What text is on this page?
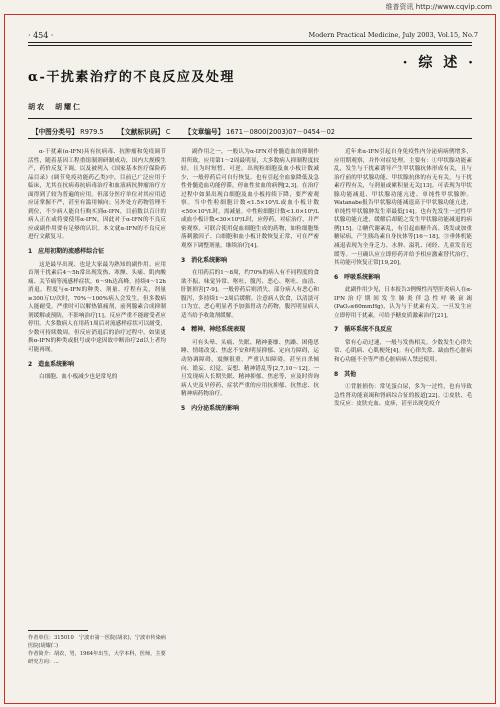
维普资讯 http://www.cqvip.com
· 454 ·	Modern Practical Medicine, July 2003, Vol.15, No.7
· 综 述 ·
α-干扰素治疗的不良反应及处理
胡农　胡耀仁
【中图分类号】 R979.5 【文献标识码】 C 【文章编号】 1671－0800(2003)07－0454－02

α-干扰素(α-IFN)具有抗病毒、抗肿瘤和免疫调节活性，随着基因工程重组制剂研制成功，国内大规模生产，药价反复下调，以及被列入《国家基本医疗保险药品目录》(调节免疫功能药乙类)中，目前已广泛应用于临床，尤其在抗病毒抗病毒治疗和血液病抗肿瘤治疗方面得到了较为普遍的应用。但部分医疗单位对其应用适应证掌握不严，甚至有滥用倾向；另外处方药物管理不到位，不少病人能自行购买到α-IFN，目前数以百计的病人正在或将要使用α-IFN，因此对于α-IFN的不良反应或副作用要有足够的认识。本文就α-IFN的不良反应进行文献复习。

1　应用初期的流感样综合征

这是最早出现、也是大家最为熟知的副作用。应用首剂干扰素后4～5h常出现发热、寒颤、头痛、肌肉酸痛、关节痛等流感样症状，6～9h达高峰，持续4～12h消退。程度与α-IFN的种类、剂量、疗程有关，剂量≥300万U/次时，70%～100%病人会发生。但多数病人能耐受，严重时可以解热镇痛剂，前列腺素合成抑制剂缓解或预防，不影响治疗[1]。反应严重不能耐受者应停用。大多数病人在用药1周后对流感样症状可以耐受，少数可持续数周。但反应消退后的治疗过程中，如果更换α-IFN的种类或批号或中途因故中断治疗2d以上者均可能再现。

2　造血系统影响

白细胞、血小板减少也是常见的

作者单位：315010　宁波市第一医院(胡农)，宁波市传染病医院(胡耀仁)

作者简介：胡农，男，1964年出生，大学本科，医师，主要研究方向：...

副作用之一，一般认为α-IFN对骨髓造血的抑制作用所致。应用第1～2周最明显，大多数病人抑制程度较轻，且为时短暂、可逆。出现粒细胞及血小板计数减少，一般停药后可自行恢复。也有引起全血象降低及急性骨髓造血功能停滞，停血性贫血的病例[2,3]。在治疗过程中如果出现白细胞及血小板持续下降，要严密观察。当中性粒细胞计数<1.5×10⁹/L或血小板计数<50×10⁹/L时，需减量。中性粒细胞计数<1.0×10⁹/L或血小板计数<30×10⁹/L时，应停药，对症治疗，并严密观察。可联合使用促血细胞生成的药物，如粒细胞集落刺激因子、白细胞和血小板计数恢复正常，可在严密观察下调整剂量，继续治疗[4]。

3　消化系统影响

在用药后的1～8周，约70%的病人有不同程度的食欲不振、味觉异常、呕吐、腹泻、恶心、呕吐、血清、肝脏损害[7-9]。一般停药后则消失，部分病人有恶心和腹泻，多持续1～2周后缓解。注意病人饮食，以清淡可口为宜，恶心明显者予加强胃动力药物，腹泻明显病人适当给予收敛剂缓解。

4　精神、神经系统表现

可有头晕、头痛、失眠、精神萎靡、焦躁、困倦思睡、情绪改变、焦虑不安和明显抑郁、定向力障碍，运动协调障碍，震颤很重，严重认知障碍。甚至自杀倾向、谵妄、幻觉、妄想、精神错乱等[2,7,10～12]。一旦发现病人长期失眠、精神抑郁、焦虑等，应及时咨询病人史及早停药，症状严重的应用抗抑郁、抗焦虑、抗精神病药物治疗。

5　内分泌系统的影响

近年来α-IFN引起自身免疫性内分泌病病例增多，应用期观察，并作对症处理。主要有：①甲状腺功能紊乱，发生与干扰素诱导产生甲状腺抗体形成有关，且与治疗前的甲状腺功能、甲状腺抗体的有无有关，与干扰素疗程有关，与剂量或累积量无关[13]。可表现为甲状腺功能减退、甲状腺功能亢进、单纯性甲状腺肿。Watanabe报告甲状腺功能减退高于甲状腺功能亢进，单纯性甲状腺肿发生率最低[14]。也有先发生一过性甲状腺功能亢进，缓解后却随之发生甲状腺功能减退的病例[15]。②糖代谢紊乱，有引起血糖升高、诱发或加重糖尿病，产生胰岛素自身抗体等[16～18]。③垂体机能减退表现为全身乏力、水肿、溢乳、闭经、儿童发育迟缓等。一旦确认应立即停药并给予相应激素替代治疗，其功能可恢复正常[19,20]。

6　呼吸系统影响

此副作用少见，日本报告3例慢性丙型肝炎病人在α-IFN治疗期间发生肺炎伴急性呼吸衰竭(PaO₂≤60mmHg)，认为与干扰素有关。一旦发生应立即停用干扰素，可给予糖皮质激素治疗[21]。

7　循环系统不良反应

常有心动过速，一般与发热相关。少数发生心律失常、心肌病、心肌梗死[4]。有心律失常、缺血性心脏病和心功能不全等严重心脏病病人禁忌使用。

8　其他

①背脏损伤：常见蛋白尿，多为一过性，也有导致急性肾功能衰竭和肾病综合征的报道[22]。②皮肤、毛发反应：皮肤充血、皮疹，甚至出现免疫介
